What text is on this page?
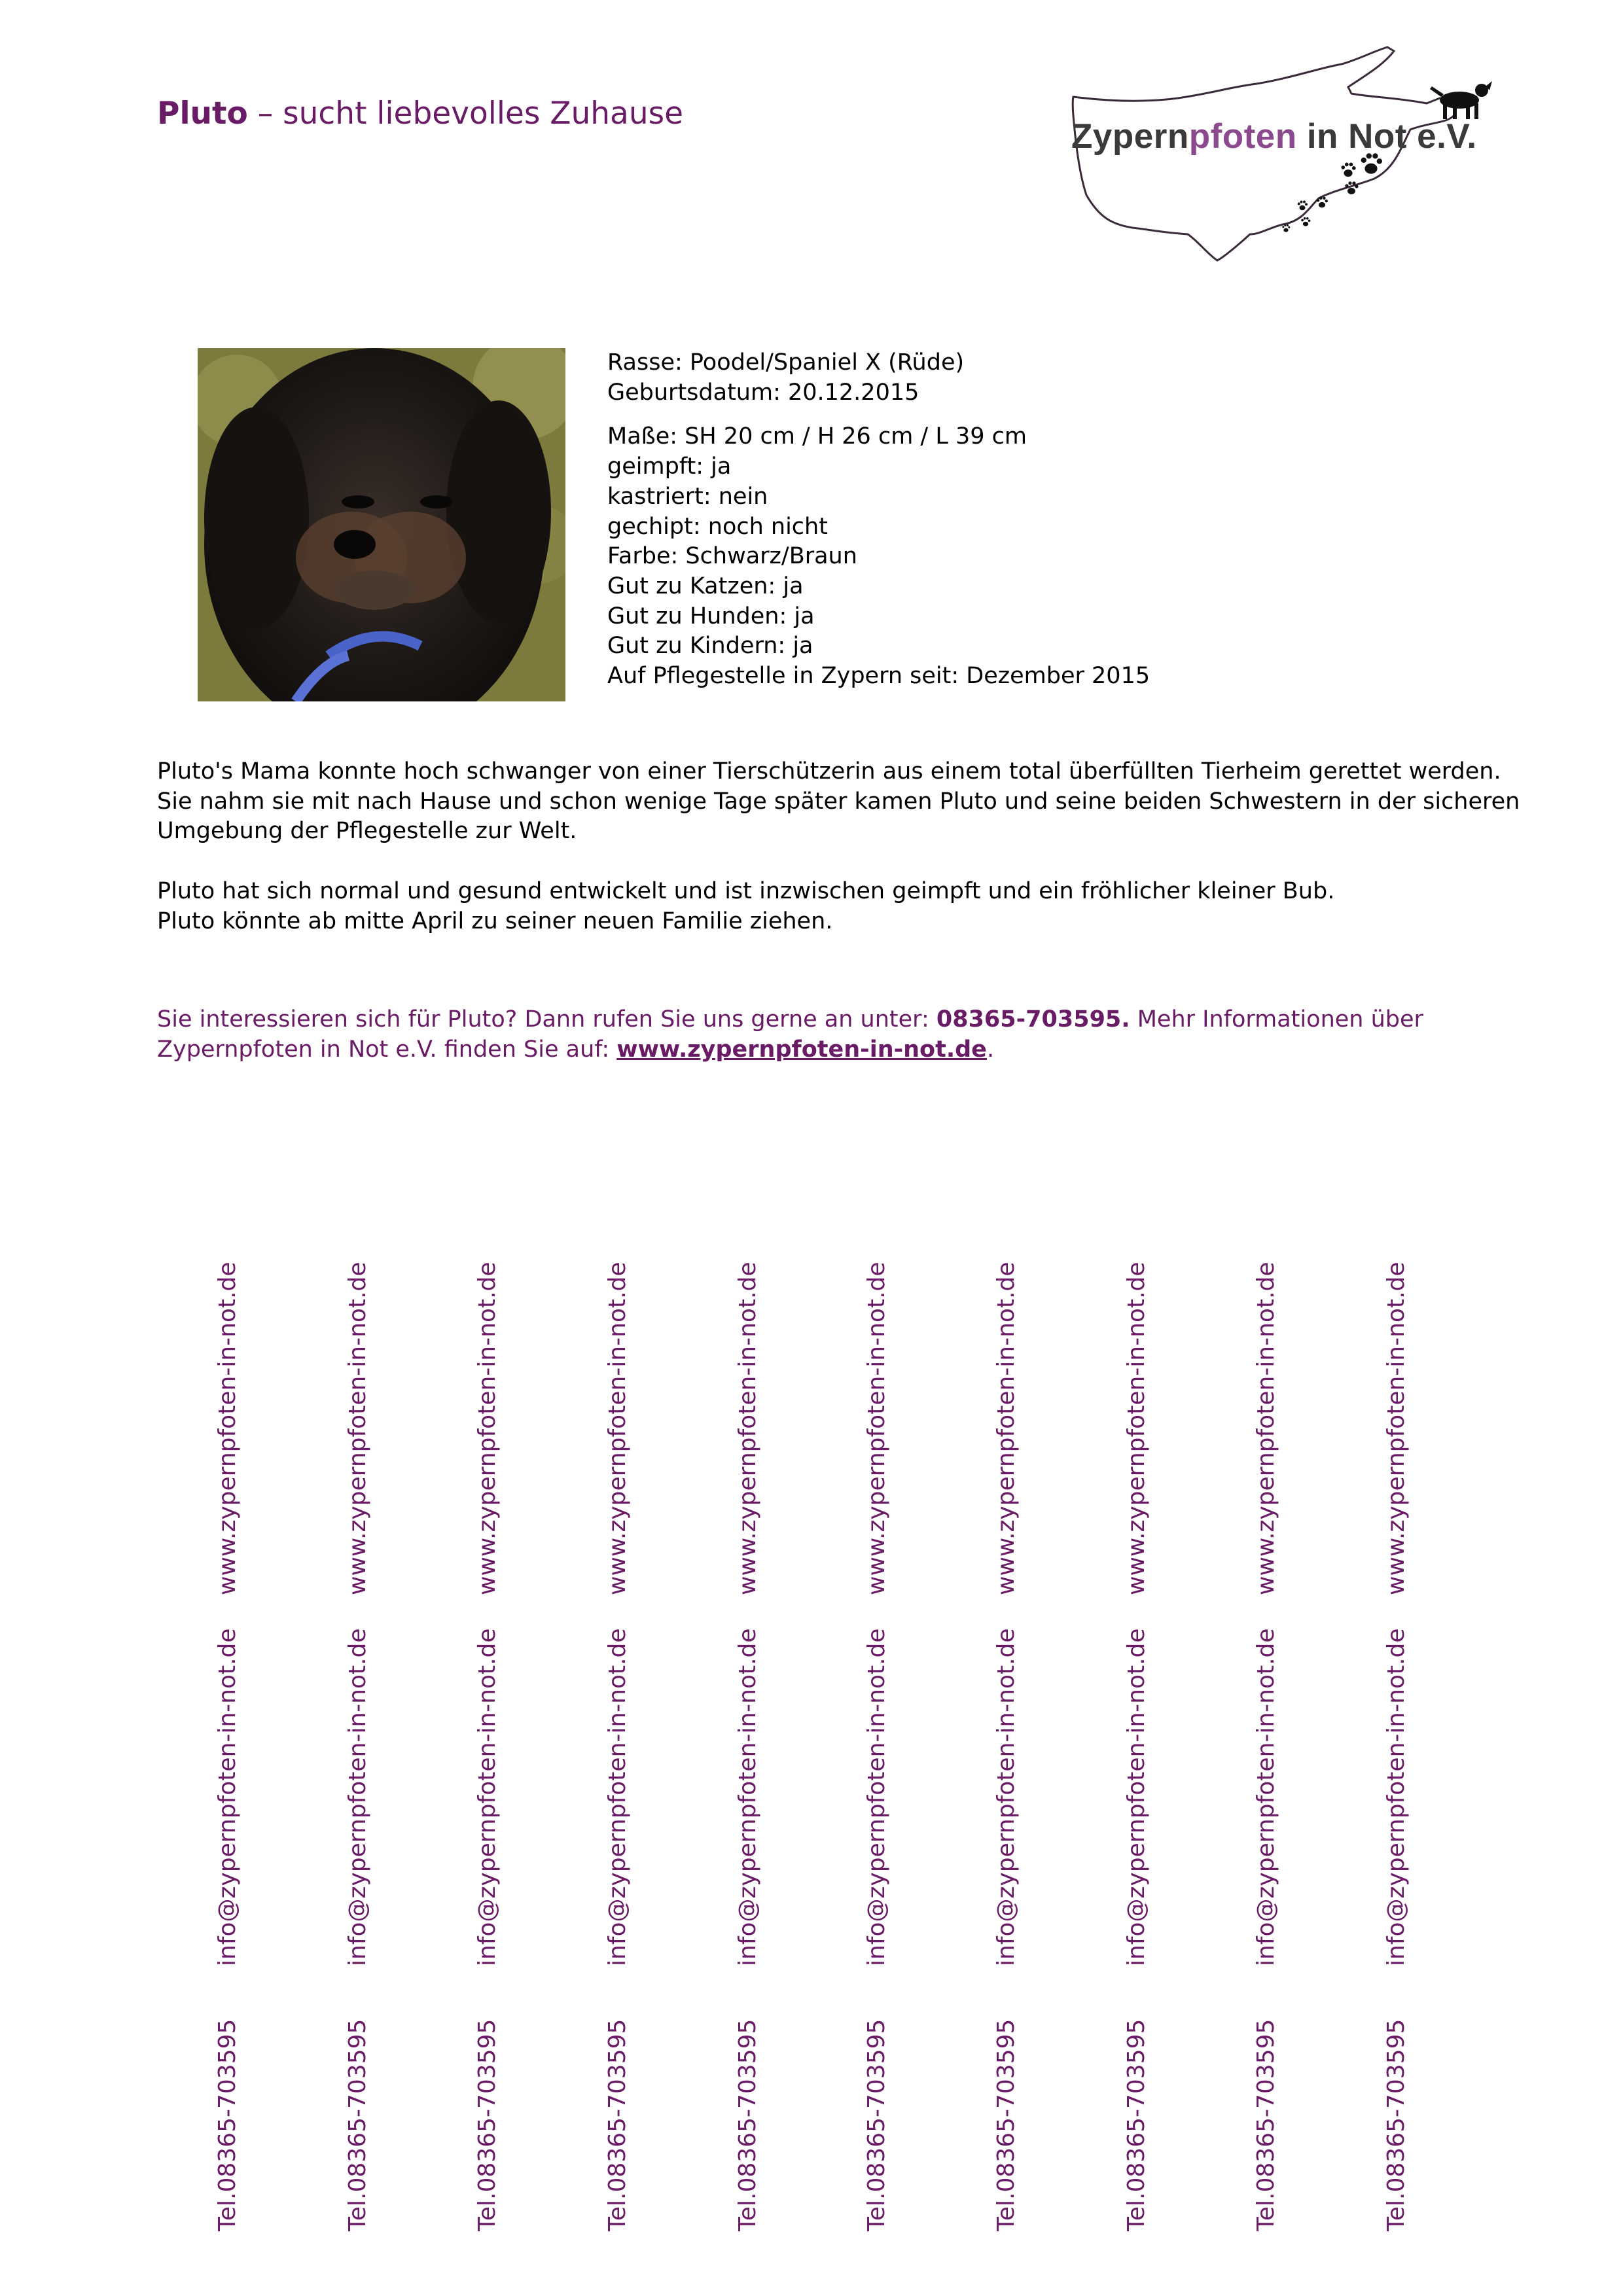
Pluto – sucht liebevolles Zuhause
Zypernpfoten in Not e.V.
Rasse: Poodel/Spaniel X (Rüde)
Geburtsdatum: 20.12.2015
Maße: SH 20 cm / H 26 cm / L 39 cm
geimpft: ja
kastriert: nein
gechipt: noch nicht
Farbe: Schwarz/Braun
Gut zu Katzen: ja
Gut zu Hunden: ja
Gut zu Kindern: ja
Auf Pflegestelle in Zypern seit: Dezember 2015
Pluto's Mama konnte hoch schwanger von einer Tierschützerin aus einem total überfüllten Tierheim gerettet werden.
Sie nahm sie mit nach Hause und schon wenige Tage später kamen Pluto und seine beiden Schwestern in der sicheren
Umgebung der Pflegestelle zur Welt.
Pluto hat sich normal und gesund entwickelt und ist inzwischen geimpft und ein fröhlicher kleiner Bub.
Pluto könnte ab mitte April zu seiner neuen Familie ziehen.
Sie interessieren sich für Pluto? Dann rufen Sie uns gerne an unter: 08365-703595. Mehr Informationen über
Zypernpfoten in Not e.V. finden Sie auf: www.zypernpfoten-in-not.de.
www.zypernpfoten-in-not.de
info@zypernpfoten-in-not.de
Tel.08365-703595
www.zypernpfoten-in-not.de
info@zypernpfoten-in-not.de
Tel.08365-703595
www.zypernpfoten-in-not.de
info@zypernpfoten-in-not.de
Tel.08365-703595
www.zypernpfoten-in-not.de
info@zypernpfoten-in-not.de
Tel.08365-703595
www.zypernpfoten-in-not.de
info@zypernpfoten-in-not.de
Tel.08365-703595
www.zypernpfoten-in-not.de
info@zypernpfoten-in-not.de
Tel.08365-703595
www.zypernpfoten-in-not.de
info@zypernpfoten-in-not.de
Tel.08365-703595
www.zypernpfoten-in-not.de
info@zypernpfoten-in-not.de
Tel.08365-703595
www.zypernpfoten-in-not.de
info@zypernpfoten-in-not.de
Tel.08365-703595
www.zypernpfoten-in-not.de
info@zypernpfoten-in-not.de
Tel.08365-703595
